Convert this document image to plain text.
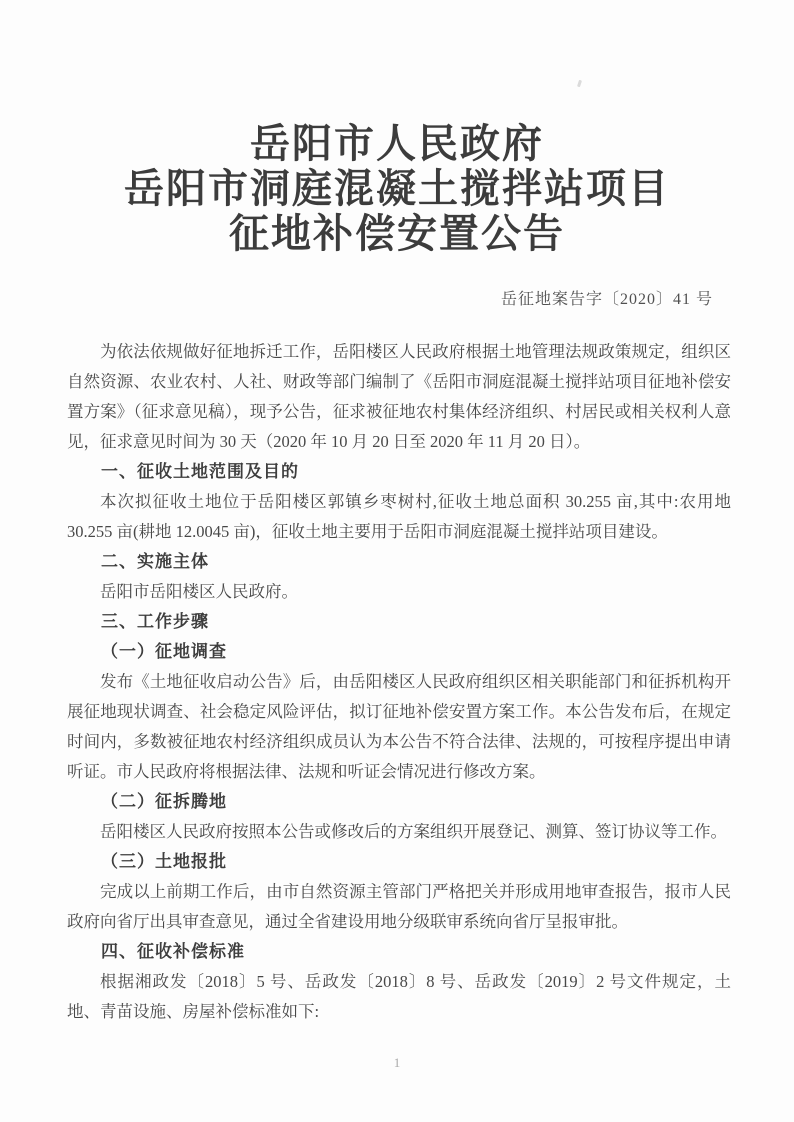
岳阳市人民政府
岳阳市洞庭混凝土搅拌站项目
征地补偿安置公告
岳征地案告字〔2020〕41 号

为依法依规做好征地拆迁工作，岳阳楼区人民政府根据土地管理法规政策规定，组织区自然资源、农业农村、人社、财政等部门编制了《岳阳市洞庭混凝土搅拌站项目征地补偿安置方案》（征求意见稿），现予公告，征求被征地农村集体经济组织、村居民或相关权利人意见，征求意见时间为 30 天（2020 年 10 月 20 日至 2020 年 11 月 20 日）。

一、征收土地范围及目的

本次拟征收土地位于岳阳楼区郭镇乡枣树村,征收土地总面积 30.255 亩,其中:农用地 30.255 亩(耕地 12.0045 亩)，征收土地主要用于岳阳市洞庭混凝土搅拌站项目建设。

二、实施主体

岳阳市岳阳楼区人民政府。

三、工作步骤
（一）征地调查

发布《土地征收启动公告》后，由岳阳楼区人民政府组织区相关职能部门和征拆机构开展征地现状调查、社会稳定风险评估，拟订征地补偿安置方案工作。本公告发布后，在规定时间内，多数被征地农村经济组织成员认为本公告不符合法律、法规的，可按程序提出申请听证。市人民政府将根据法律、法规和听证会情况进行修改方案。

（二）征拆腾地

岳阳楼区人民政府按照本公告或修改后的方案组织开展登记、测算、签订协议等工作。

（三）土地报批

完成以上前期工作后，由市自然资源主管部门严格把关并形成用地审查报告，报市人民政府向省厅出具审查意见，通过全省建设用地分级联审系统向省厅呈报审批。

四、征收补偿标准

根据湘政发〔2018〕5 号、岳政发〔2018〕8 号、岳政发〔2019〕2 号文件规定，土地、青苗设施、房屋补偿标准如下:

1
